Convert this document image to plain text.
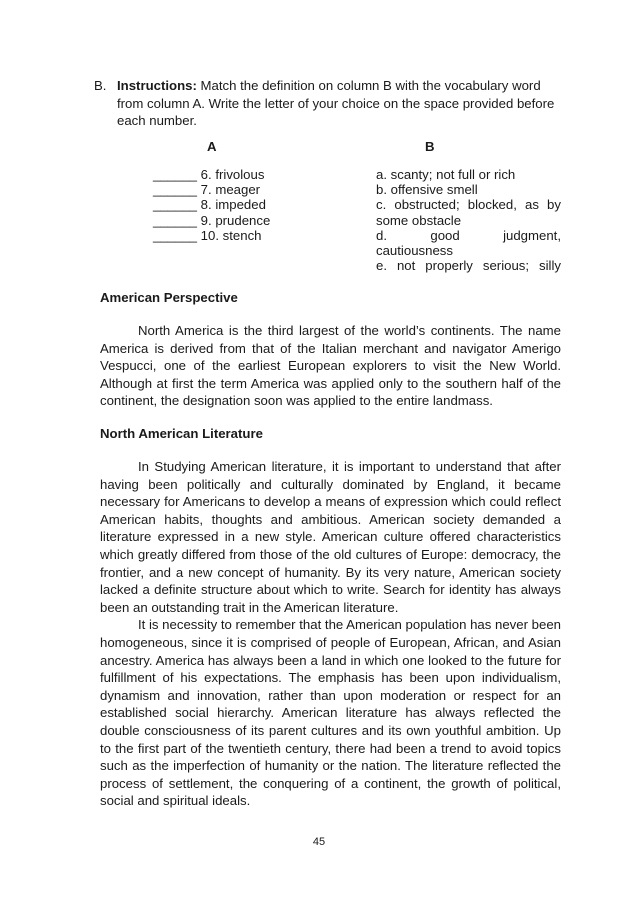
B. Instructions: Match the definition on column B with the vocabulary word from column A. Write the letter of your choice on the space provided before each number.
A	B
______ 6. frivolous
______ 7. meager
______ 8. impeded
______ 9. prudence
______ 10. stench
a. scanty; not full or rich
b. offensive smell
c. obstructed; blocked, as by
some obstacle
d. good judgment, cautiousness
e. not properly serious; silly
American Perspective

North America is the third largest of the world’s continents. The name America is derived from that of the Italian merchant and navigator Amerigo Vespucci, one of the earliest European explorers to visit the New World. Although at first the term America was applied only to the southern half of the continent, the designation soon was applied to the entire landmass.

North American Literature

In Studying American literature, it is important to understand that after having been politically and culturally dominated by England, it became necessary for Americans to develop a means of expression which could reflect American habits, thoughts and ambitious. American society demanded a literature expressed in a new style. American culture offered characteristics which greatly differed from those of the old cultures of Europe: democracy, the frontier, and a new concept of humanity. By its very nature, American society lacked a definite structure about which to write. Search for identity has always been an outstanding trait in the American literature.

It is necessity to remember that the American population has never been homogeneous, since it is comprised of people of European, African, and Asian ancestry. America has always been a land in which one looked to the future for fulfillment of his expectations. The emphasis has been upon individualism, dynamism and innovation, rather than upon moderation or respect for an established social hierarchy. American literature has always reflected the double consciousness of its parent cultures and its own youthful ambition. Up to the first part of the twentieth century, there had been a trend to avoid topics such as the imperfection of humanity or the nation. The literature reflected the process of settlement, the conquering of a continent, the growth of political, social and spiritual ideals.

45
